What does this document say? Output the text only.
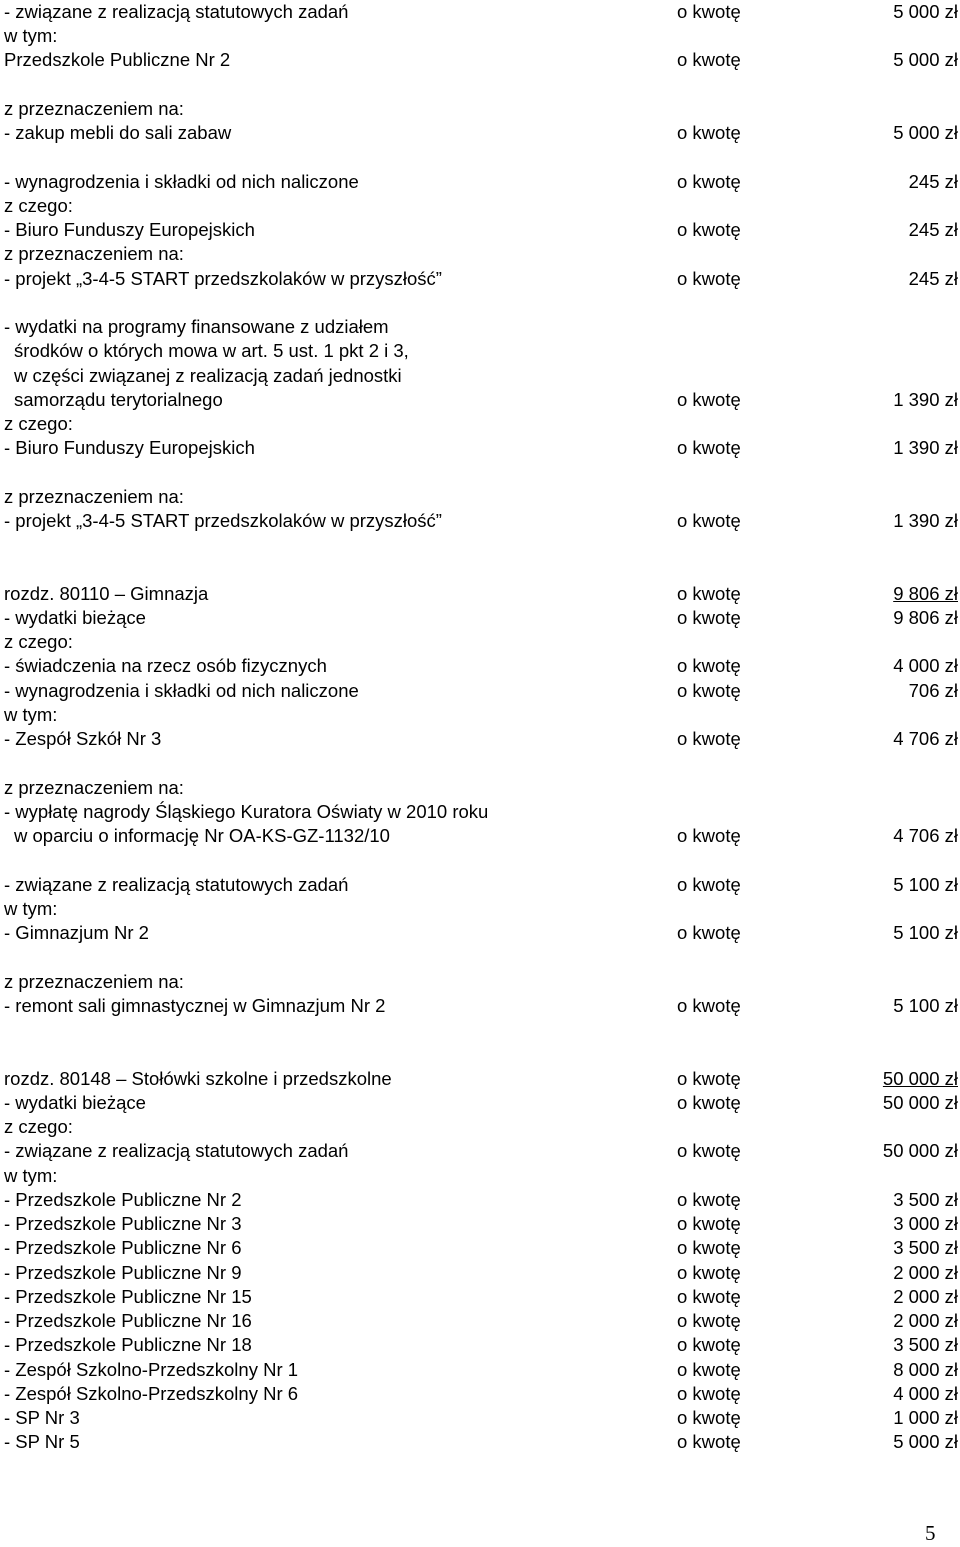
- związane z realizacją statutowych zadań	o kwotę	5 000 zł
w tym:
Przedszkole Publiczne Nr 2	o kwotę	5 000 zł
z przeznaczeniem na:
- zakup mebli do sali zabaw	o kwotę	5 000 zł
- wynagrodzenia i składki od nich naliczone	o kwotę	245 zł
z czego:
- Biuro Funduszy Europejskich	o kwotę	245 zł
z przeznaczeniem na:
- projekt „3-4-5 START przedszkolaków w przyszłość”	o kwotę	245 zł
- wydatki na programy finansowane z udziałem
środków o których mowa w art. 5 ust. 1 pkt 2 i 3,
w części związanej z realizacją zadań jednostki
samorządu terytorialnego	o kwotę	1 390 zł
z czego:
- Biuro Funduszy Europejskich	o kwotę	1 390 zł
z przeznaczeniem na:
- projekt „3-4-5 START przedszkolaków w przyszłość”	o kwotę	1 390 zł
rozdz. 80110 – Gimnazja	o kwotę	9 806 zł
- wydatki bieżące	o kwotę	9 806 zł
z czego:
- świadczenia na rzecz osób fizycznych	o kwotę	4 000 zł
- wynagrodzenia i składki od nich naliczone	o kwotę	706 zł
w tym:
- Zespół Szkół Nr 3	o kwotę	4 706 zł
z przeznaczeniem na:
- wypłatę nagrody Śląskiego Kuratora Oświaty w 2010 roku
w oparciu o informację Nr OA-KS-GZ-1132/10	o kwotę	4 706 zł
- związane z realizacją statutowych zadań	o kwotę	5 100 zł
w tym:
- Gimnazjum Nr 2	o kwotę	5 100 zł
z przeznaczeniem na:
- remont sali gimnastycznej w Gimnazjum Nr 2	o kwotę	5 100 zł
rozdz. 80148 – Stołówki szkolne i przedszkolne	o kwotę	50 000 zł
- wydatki bieżące	o kwotę	50 000 zł
z czego:
- związane z realizacją statutowych zadań	o kwotę	50 000 zł
w tym:
- Przedszkole Publiczne Nr 2	o kwotę	3 500 zł
- Przedszkole Publiczne Nr 3	o kwotę	3 000 zł
- Przedszkole Publiczne Nr 6	o kwotę	3 500 zł
- Przedszkole Publiczne Nr 9	o kwotę	2 000 zł
- Przedszkole Publiczne Nr 15	o kwotę	2 000 zł
- Przedszkole Publiczne Nr 16	o kwotę	2 000 zł
- Przedszkole Publiczne Nr 18	o kwotę	3 500 zł
- Zespół Szkolno-Przedszkolny Nr 1	o kwotę	8 000 zł
- Zespół Szkolno-Przedszkolny Nr 6	o kwotę	4 000 zł
- SP Nr 3	o kwotę	1 000 zł
- SP Nr 5	o kwotę	5 000 zł
5
